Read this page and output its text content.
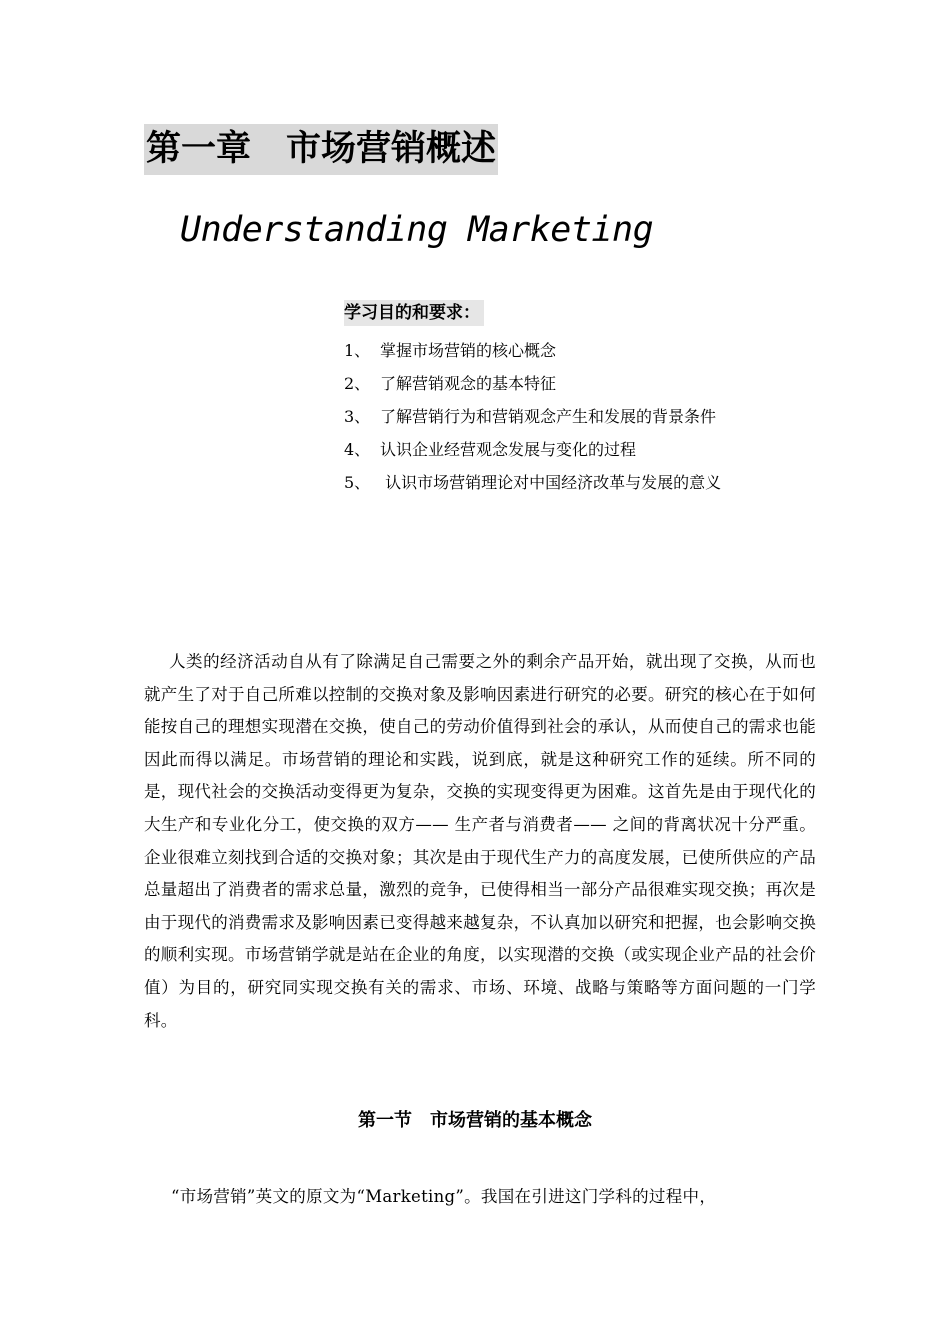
第一章　市场营销概述
Understanding Marketing
学习目的和要求：
1、 掌握市场营销的核心概念
2、 了解营销观念的基本特征
3、 了解营销行为和营销观念产生和发展的背景条件
4、 认识企业经营观念发展与变化的过程
5、 认识市场营销理论对中国经济改革与发展的意义

人类的经济活动自从有了除满足自己需要之外的剩余产品开始，就出现了交换，从而也就产生了对于自己所难以控制的交换对象及影响因素进行研究的必要。研究的核心在于如何能按自己的理想实现潜在交换，使自己的劳动价值得到社会的承认，从而使自己的需求也能因此而得以满足。市场营销的理论和实践，说到底，就是这种研究工作的延续。所不同的是，现代社会的交换活动变得更为复杂，交换的实现变得更为困难。这首先是由于现代化的大生产和专业化分工，使交换的双方—— 生产者与消费者—— 之间的背离状况十分严重。企业很难立刻找到合适的交换对象；其次是由于现代生产力的高度发展，已使所供应的产品总量超出了消费者的需求总量，激烈的竞争，已使得相当一部分产品很难实现交换；再次是由于现代的消费需求及影响因素已变得越来越复杂，不认真加以研究和把握，也会影响交换的顺利实现。市场营销学就是站在企业的角度，以实现潜的交换（或实现企业产品的社会价值）为目的，研究同实现交换有关的需求、市场、环境、战略与策略等方面问题的一门学科。

第一节　市场营销的基本概念

“市场营销”英文的原文为“Marketing”。我国在引进这门学科的过程中，
